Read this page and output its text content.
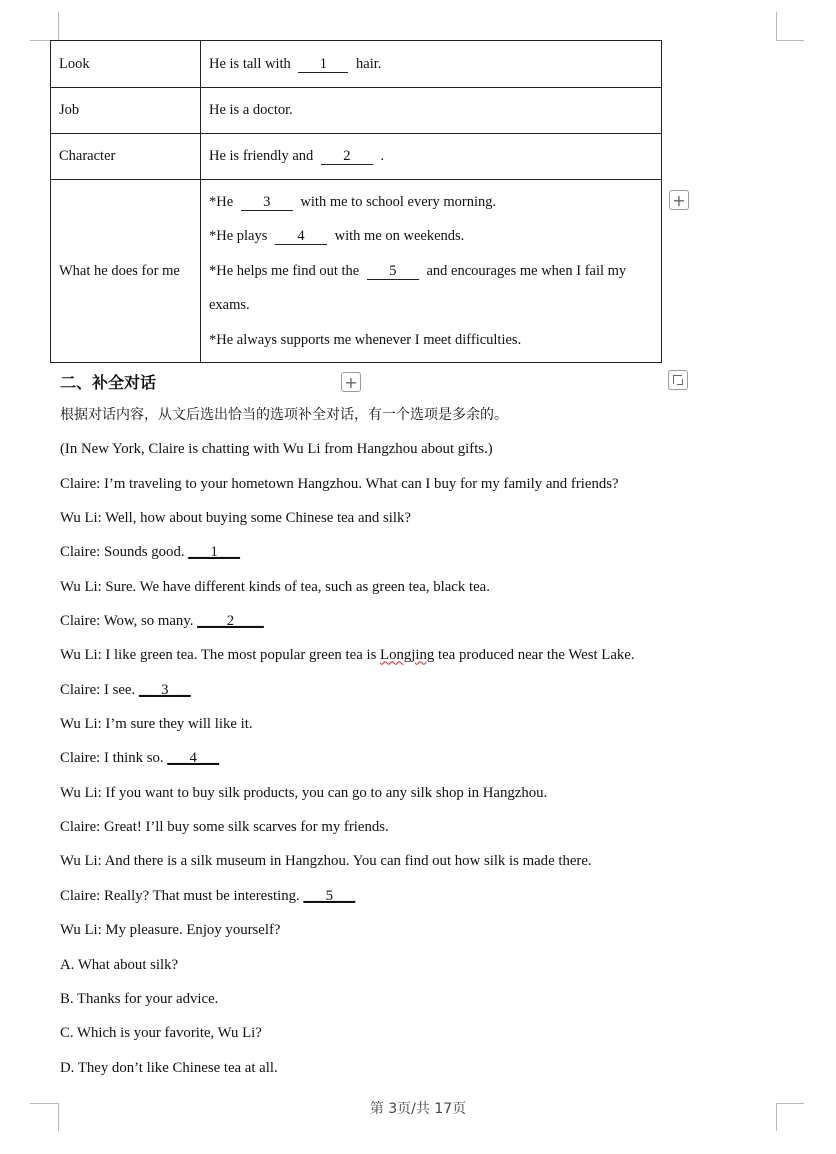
Look	He is tall with 1 hair.
Job	He is a doctor.
Character	He is friendly and 2 .
What he does for me	*He 3 with me to school every morning.
*He plays 4 with me on weekends.
*He helps me find out the 5 and encourages me when I fail my
exams.
*He always supports me whenever I meet difficulties.
+
+
二、补全对话
根据对话内容，从文后选出恰当的选项补全对话，有一个选项是多余的。
(In New York, Claire is chatting with Wu Li from Hangzhou about gifts.)
Claire: I’m traveling to your hometown Hangzhou. What can I buy for my family and friends?
Wu Li: Well, how about buying some Chinese tea and silk?
Claire: Sounds good. ___1___
Wu Li: Sure. We have different kinds of tea, such as green tea, black tea.
Claire: Wow, so many. ____2____
Wu Li: I like green tea. The most popular green tea is Longjing tea produced near the West Lake.
Claire: I see. ___3___
Wu Li: I’m sure they will like it.
Claire: I think so. ___4___
Wu Li: If you want to buy silk products, you can go to any silk shop in Hangzhou.
Claire: Great! I’ll buy some silk scarves for my friends.
Wu Li: And there is a silk museum in Hangzhou. You can find out how silk is made there.
Claire: Really? That must be interesting. ___5___
Wu Li: My pleasure. Enjoy yourself?
A. What about silk?
B. Thanks for your advice.
C. Which is your favorite, Wu Li?
D. They don’t like Chinese tea at all.
第 3页/共 17页
